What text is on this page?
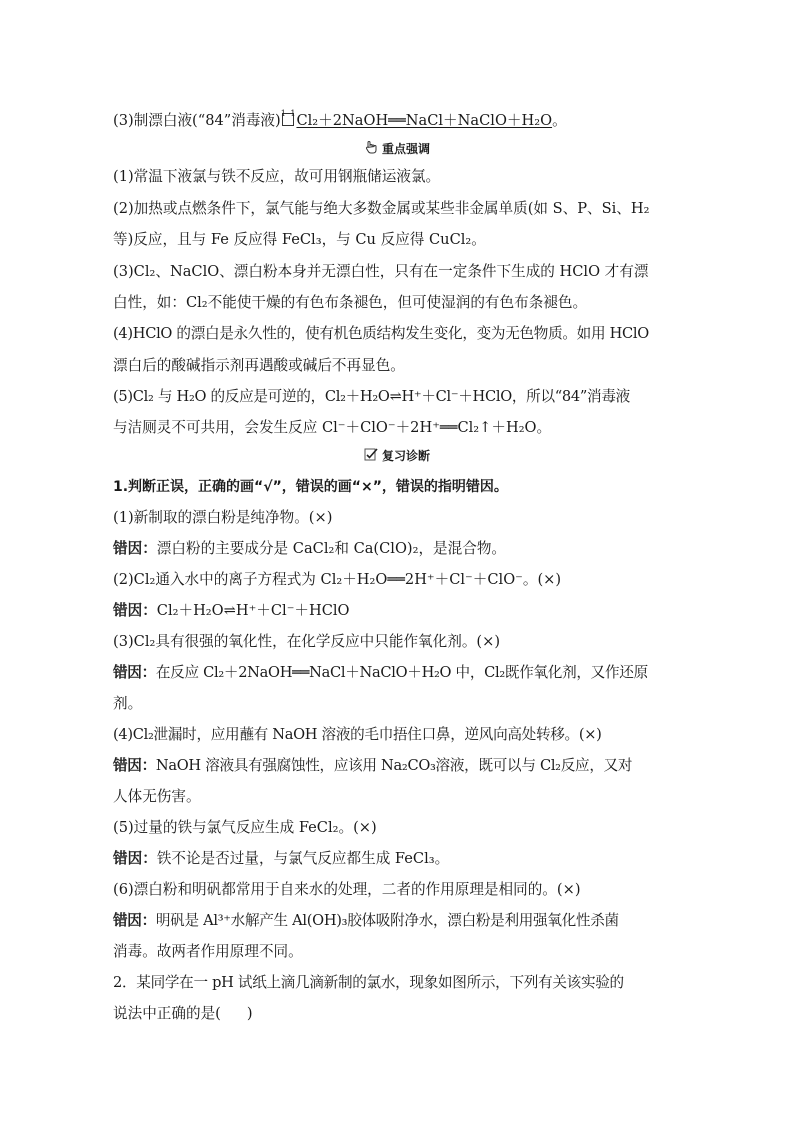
(3)制漂白液(“84”消毒液)$^{1 1}$Cl₂＋2NaOH══NaCl＋NaClO＋H₂O。
重点强调
(1)常温下液氯与铁不反应，故可用钢瓶储运液氯。
(2)加热或点燃条件下，氯气能与绝大多数金属或某些非金属单质(如 S、P、Si、H₂
等)反应，且与 Fe 反应得 FeCl₃，与 Cu 反应得 CuCl₂。
(3)Cl₂、NaClO、漂白粉本身并无漂白性，只有在一定条件下生成的 HClO 才有漂
白性，如：Cl₂不能使干燥的有色布条褪色，但可使湿润的有色布条褪色。
(4)HClO 的漂白是永久性的，使有机色质结构发生变化，变为无色物质。如用 HClO
漂白后的酸碱指示剂再遇酸或碱后不再显色。
(5)Cl₂ 与 H₂O 的反应是可逆的，Cl₂＋H₂O⇌H⁺＋Cl⁻＋HClO，所以“84”消毒液
与洁厕灵不可共用，会发生反应 Cl⁻＋ClO⁻＋2H⁺══Cl₂↑＋H₂O。
复习诊断
1.判断正误，正确的画“√”，错误的画“×”，错误的指明错因。
(1)新制取的漂白粉是纯净物。(×)
错因：漂白粉的主要成分是 CaCl₂和 Ca(ClO)₂，是混合物。
(2)Cl₂通入水中的离子方程式为 Cl₂＋H₂O══2H⁺＋Cl⁻＋ClO⁻。(×)
错因：Cl₂＋H₂O⇌H⁺＋Cl⁻＋HClO
(3)Cl₂具有很强的氧化性，在化学反应中只能作氧化剂。(×)
错因：在反应 Cl₂＋2NaOH══NaCl＋NaClO＋H₂O 中，Cl₂既作氧化剂，又作还原
剂。
(4)Cl₂泄漏时，应用蘸有 NaOH 溶液的毛巾捂住口鼻，逆风向高处转移。(×)
错因：NaOH 溶液具有强腐蚀性，应该用 Na₂CO₃溶液，既可以与 Cl₂反应，又对
人体无伤害。
(5)过量的铁与氯气反应生成 FeCl₂。(×)
错因：铁不论是否过量，与氯气反应都生成 FeCl₃。
(6)漂白粉和明矾都常用于自来水的处理，二者的作用原理是相同的。(×)
错因：明矾是 Al³⁺水解产生 Al(OH)₃胶体吸附净水，漂白粉是利用强氧化性杀菌
消毒。故两者作用原理不同。
2．某同学在一 pH 试纸上滴几滴新制的氯水，现象如图所示，下列有关该实验的
说法中正确的是( )
